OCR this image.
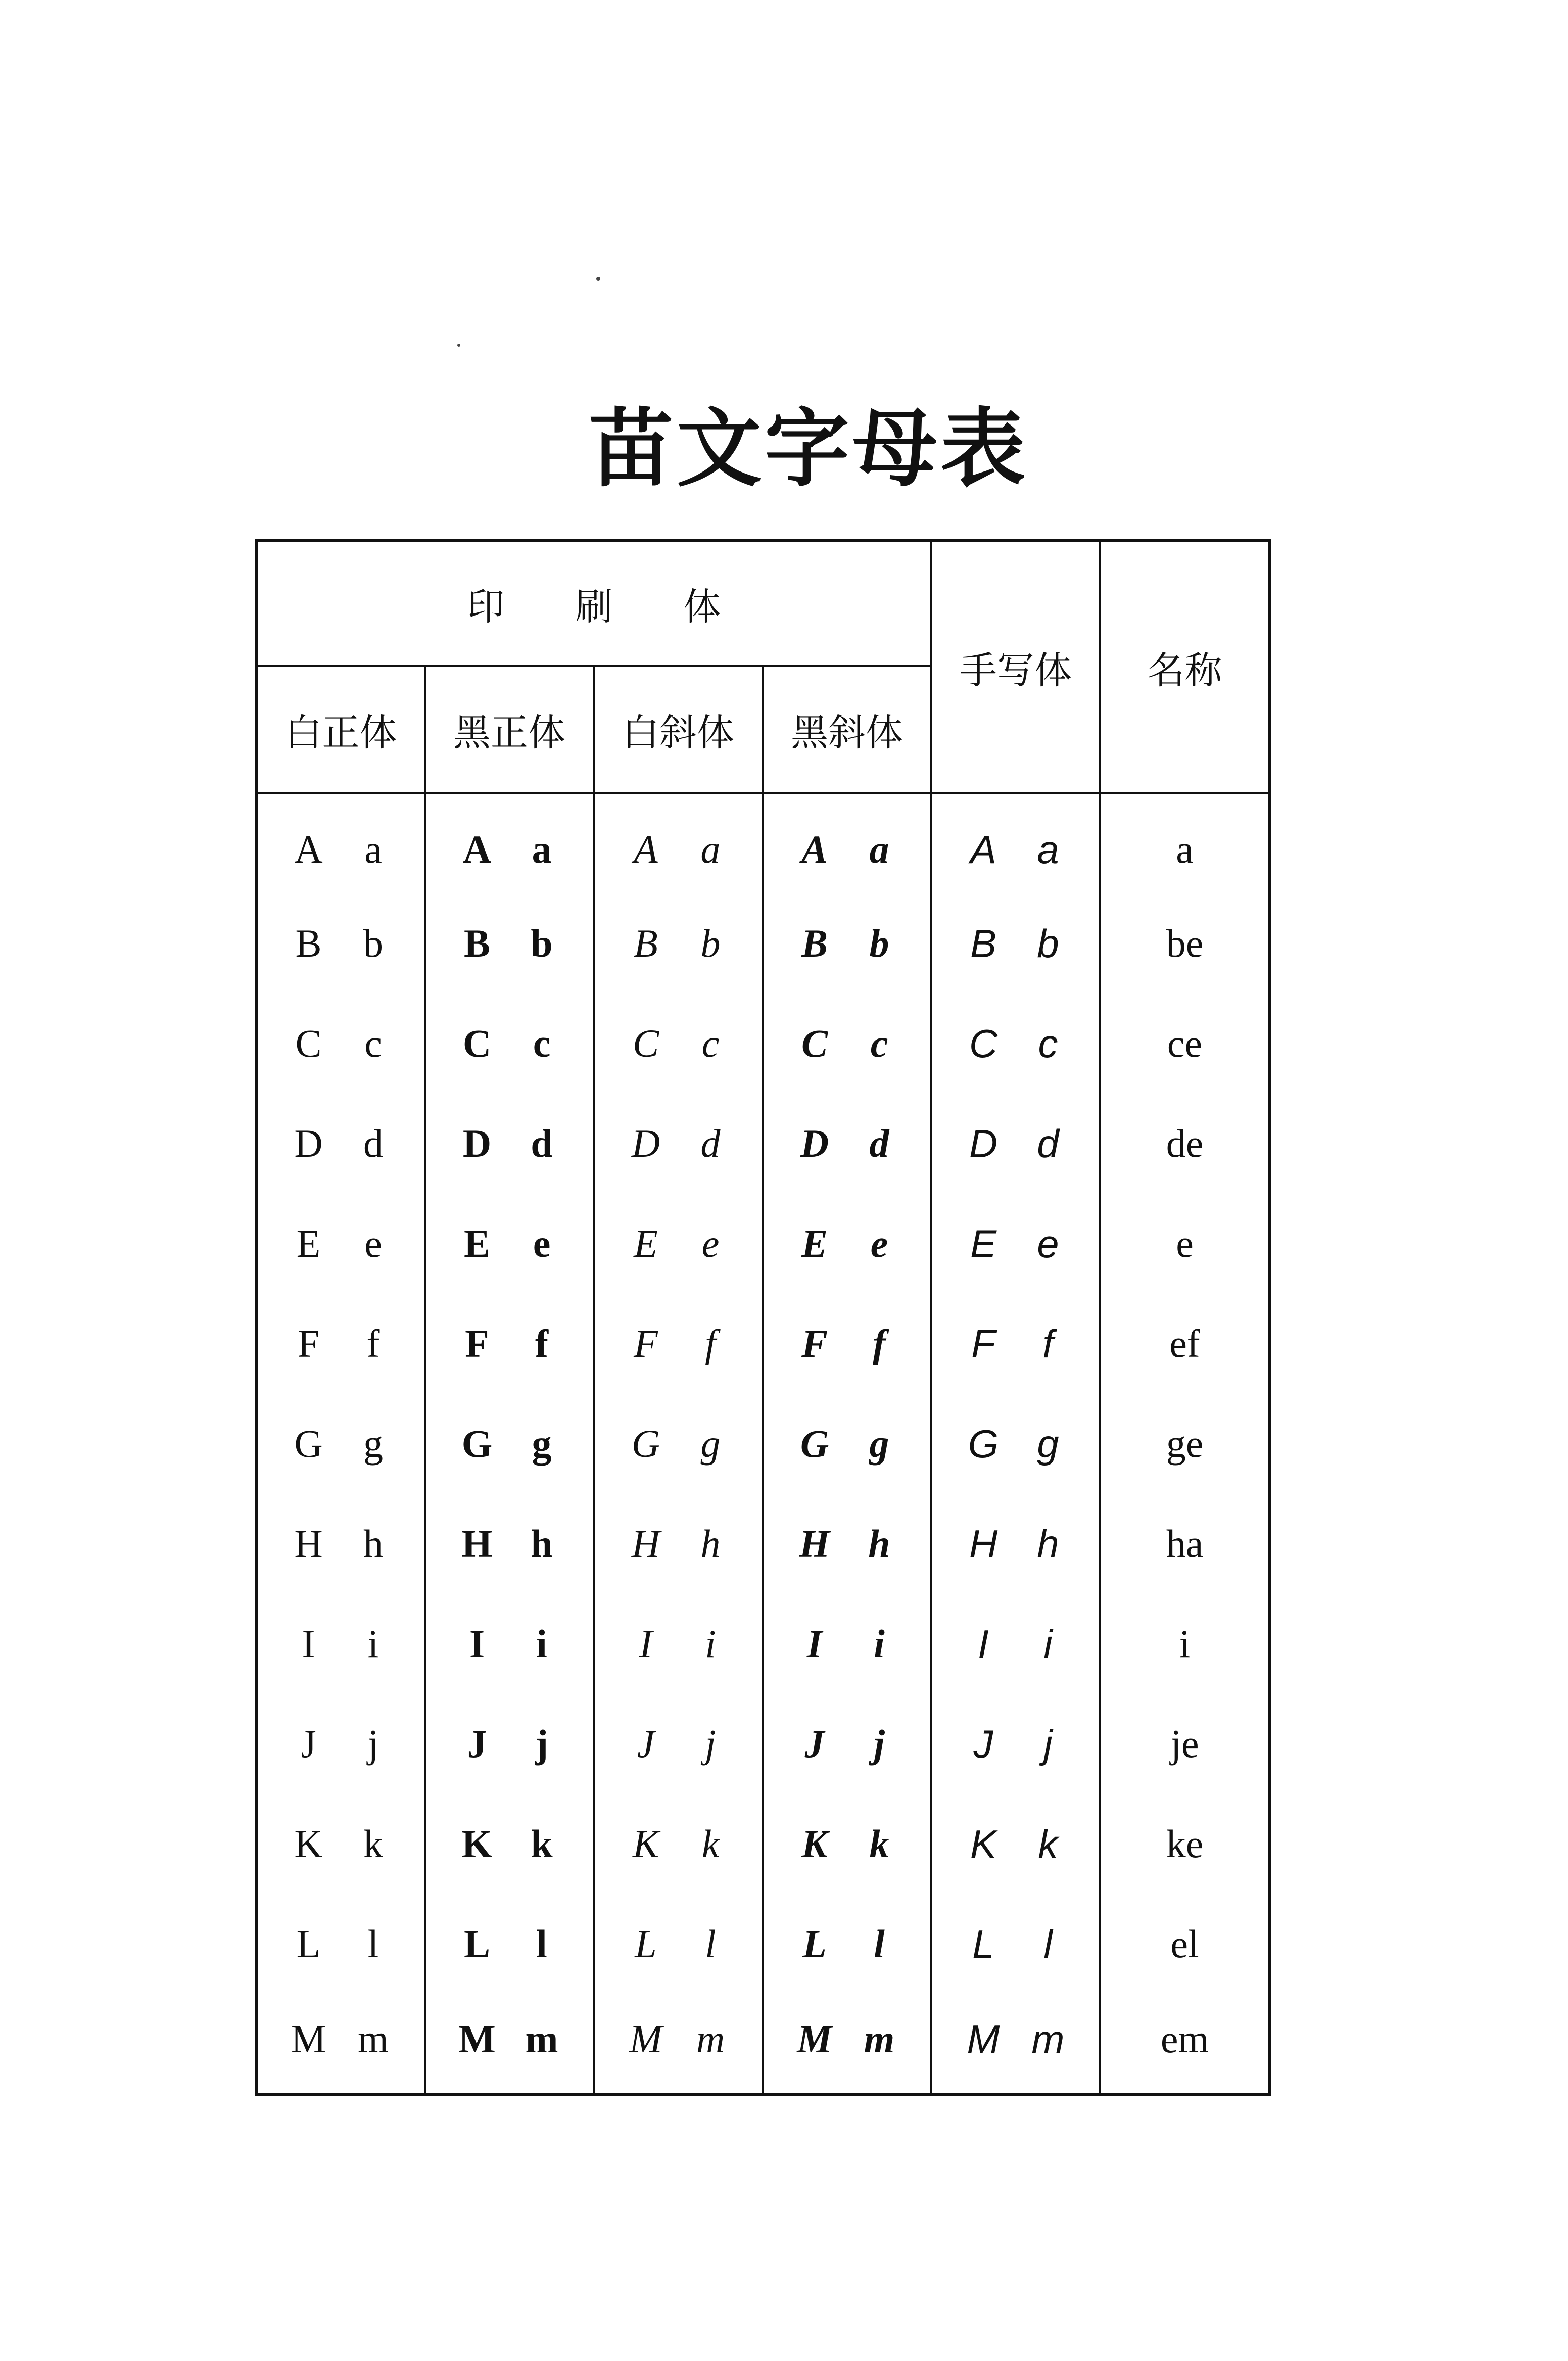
苗文字母表
印刷体				手写体	名称
白正体	黑正体	白斜体	黑斜体		

A a	A a	A a	A a	A a	a

B b	B b	B b	B b	B b	be

C c	C c	C c	C c	C c	ce

D d	D d	D d	D d	D d	de

E e	E e	E e	E e	E e	e

F f	F f	F f	F f	F f	ef

G g	G g	G g	G g	G g	ge

H h	H h	H h	H h	H h	ha

I i	I i	I i	I i	I i	i

J j	J j	J j	J j	J j	je

K k	K k	K k	K k	K k	ke

L l	L l	L l	L l	L l	el

M m	M m	M m	M m	M m	em
